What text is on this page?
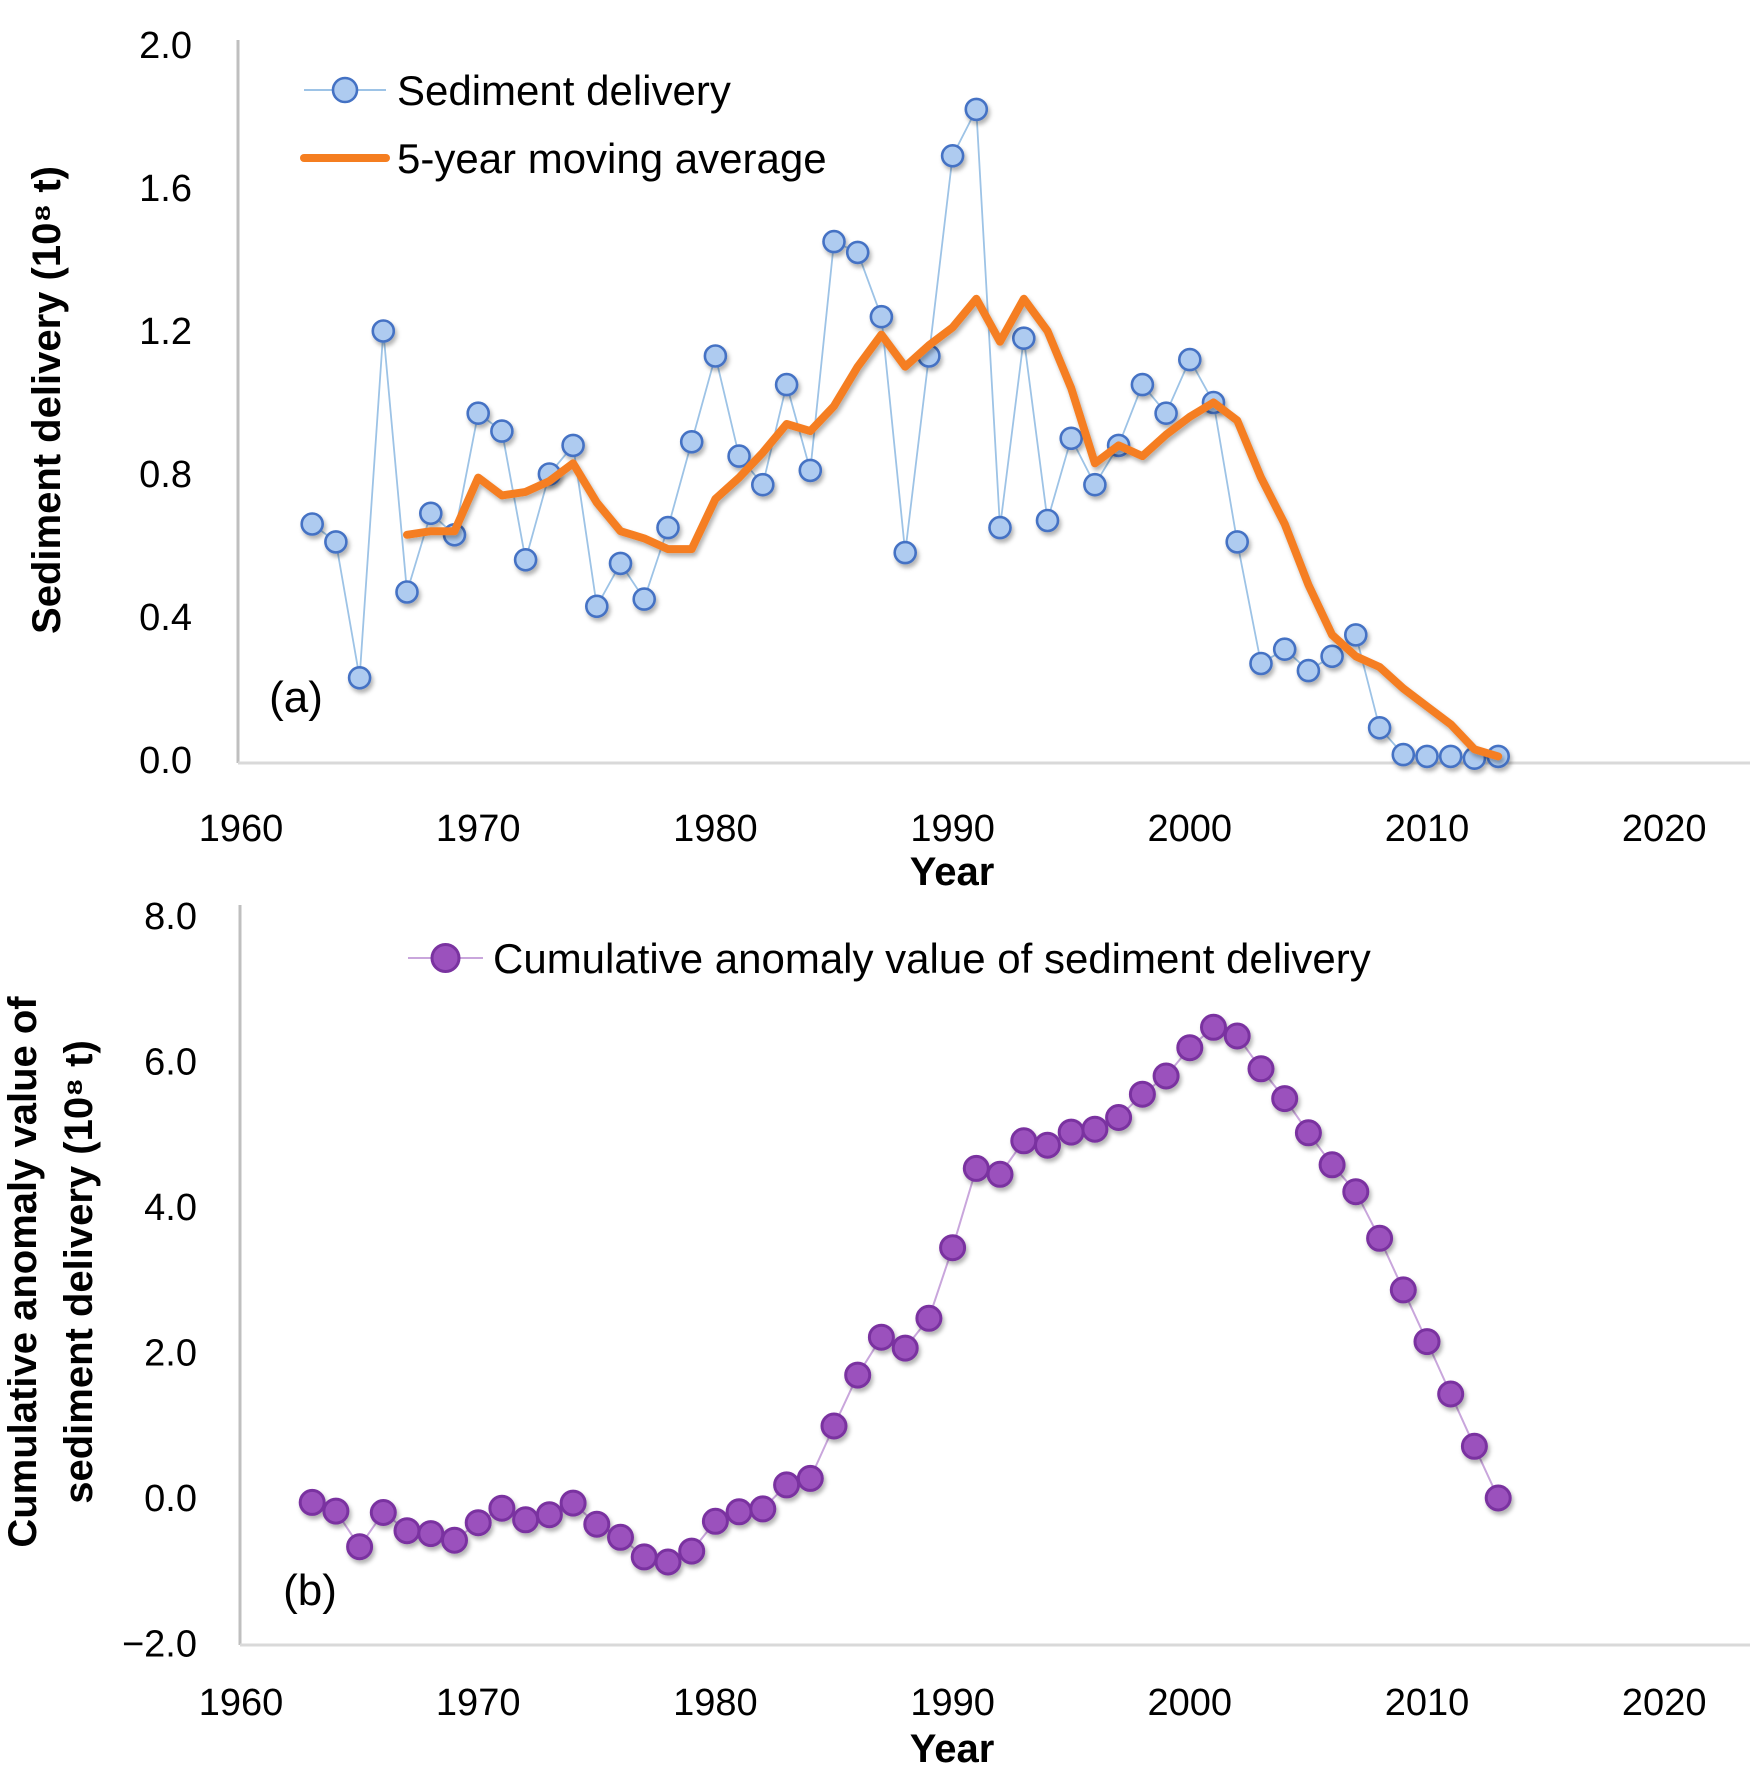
0.0
0.4
0.8
1.2
1.6
2.0
1960	1970	1980	1990	2000	2010	2020
Year
Sediment delivery (10⁸ t)
(a)
Sediment delivery
5-year moving average
−2.0
0.0
2.0
4.0
6.0
8.0
1960	1970	1980	1990	2000	2010	2020
Year
Cumulative anomaly value of sediment delivery (10⁸ t)
(b)
Cumulative anomaly value of sediment delivery
